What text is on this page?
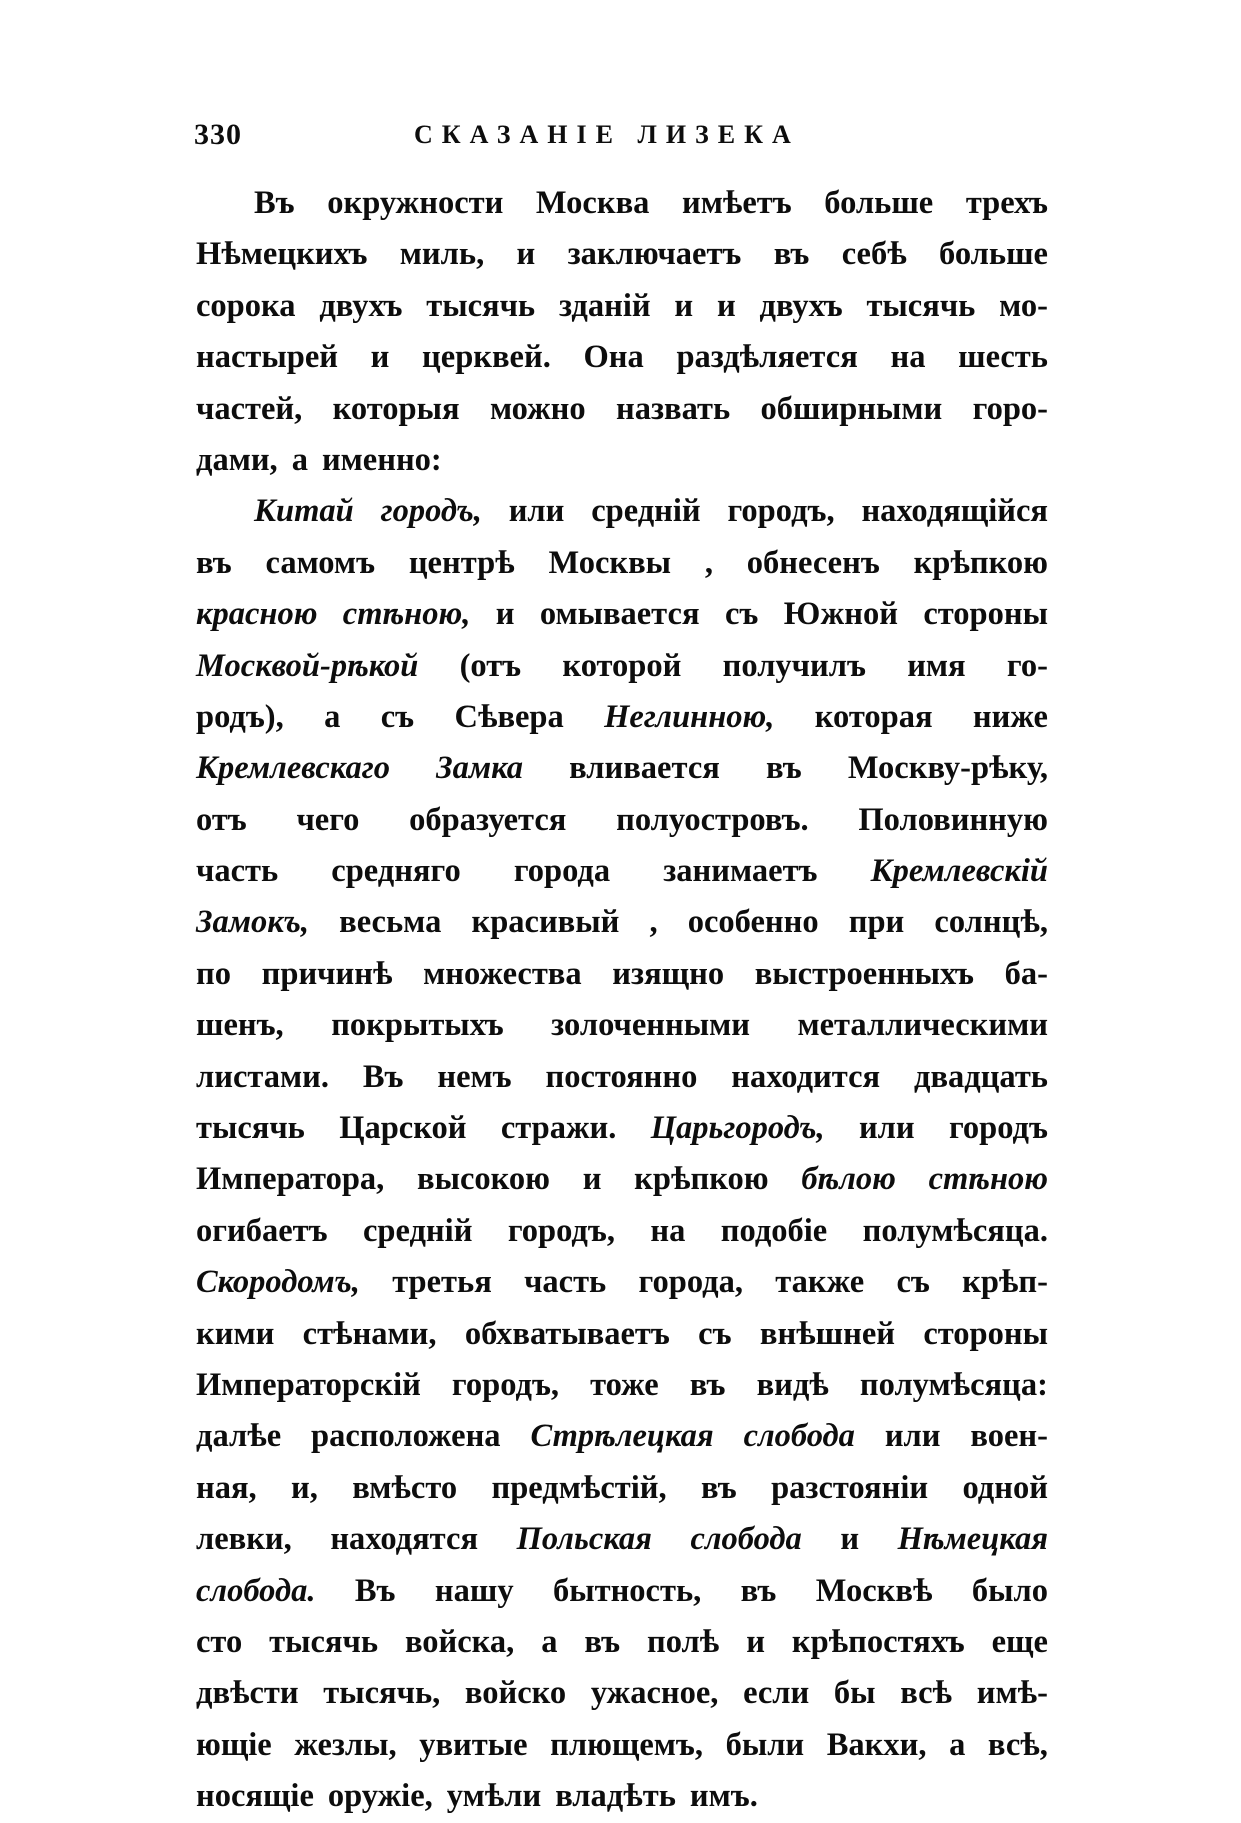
330	СКАЗАНІЕ ЛИЗЕКА
Въ окружности Москва имѣетъ больше трехъ
Нѣмецкихъ миль, и заключаетъ въ себѣ больше
сорока двухъ тысячь зданій и и двухъ тысячь мо-
настырей и церквей. Она раздѣляется на шесть
частей, которыя можно назвать обширными горо-
дами, а именно:
Китай городъ, или средній городъ, находящійся
въ самомъ центрѣ Москвы , обнесенъ крѣпкою
красною стѣною, и омывается съ Южной стороны
Москвой-рѣкой (отъ которой получилъ имя го-
родъ), а съ Сѣвера Неглинною, которая ниже
Кремлевскаго Замка вливается въ Москву-рѣку,
отъ чего образуется полуостровъ. Половинную
часть средняго города занимаетъ Кремлевскій
Замокъ, весьма красивый , особенно при солнцѣ,
по причинѣ множества изящно выстроенныхъ ба-
шенъ, покрытыхъ золоченными металлическими
листами. Въ немъ постоянно находится двадцать
тысячь Царской стражи. Царьгородъ, или городъ
Императора, высокою и крѣпкою бѣлою стѣною
огибаетъ средній городъ, на подобіе полумѣсяца.
Скородомъ, третья часть города, также съ крѣп-
кими стѣнами, обхватываетъ съ внѣшней стороны
Императорскій городъ, тоже въ видѣ полумѣсяца:
далѣе расположена Стрѣлецкая слобода или воен-
ная, и, вмѣсто предмѣстій, въ разстояніи одной
левки, находятся Польская слобода и Нѣмецкая
слобода. Въ нашу бытность, въ Москвѣ было
сто тысячь войска, а въ полѣ и крѣпостяхъ еще
двѣсти тысячь, войско ужасное, если бы всѣ имѣ-
ющіе жезлы, увитые плющемъ, были Вакхи, а всѣ,
носящіе оружіе, умѣли владѣть имъ.
